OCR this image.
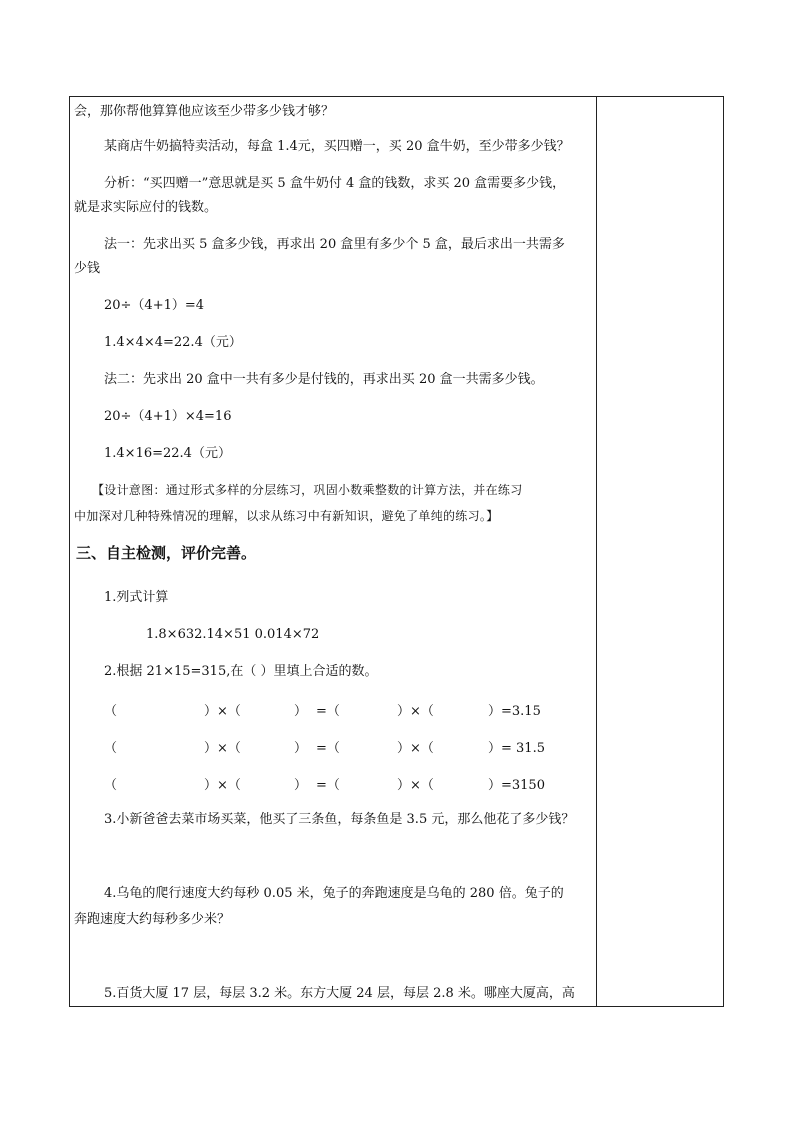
会，那你帮他算算他应该至少带多少钱才够？
某商店牛奶搞特卖活动，每盒 1.4元，买四赠一，买 20 盒牛奶，至少带多少钱？
分析：“买四赠一”意思就是买 5 盒牛奶付 4 盒的钱数，求买 20 盒需要多少钱，
就是求实际应付的钱数。
法一：先求出买 5 盒多少钱，再求出 20 盒里有多少个 5 盒，最后求出一共需多
少钱
20÷（4+1）=4
1.4×4×4=22.4（元）
法二：先求出 20 盒中一共有多少是付钱的，再求出买 20 盒一共需多少钱。
20÷（4+1）×4=16
1.4×16=22.4（元）
【设计意图：通过形式多样的分层练习，巩固小数乘整数的计算方法，并在练习
中加深对几种特殊情况的理解，以求从练习中有新知识，避免了单纯的练习。】
三、自主检测，评价完善。
1.列式计算
1.8×632.14×51 0.014×72
2.根据 21×15=315,在（ ）里填上合适的数。
（	）×（	） =（	）×（	）=3.15
（	）×（	） =（	）×（	）= 31.5
（	）×（	） =（	）×（	）=3150
3.小新爸爸去菜市场买菜，他买了三条鱼，每条鱼是 3.5 元，那么他花了多少钱？
4.乌龟的爬行速度大约每秒 0.05 米，兔子的奔跑速度是乌龟的 280 倍。兔子的
奔跑速度大约每秒多少米？
5.百货大厦 17 层，每层 3.2 米。东方大厦 24 层，每层 2.8 米。哪座大厦高，高
